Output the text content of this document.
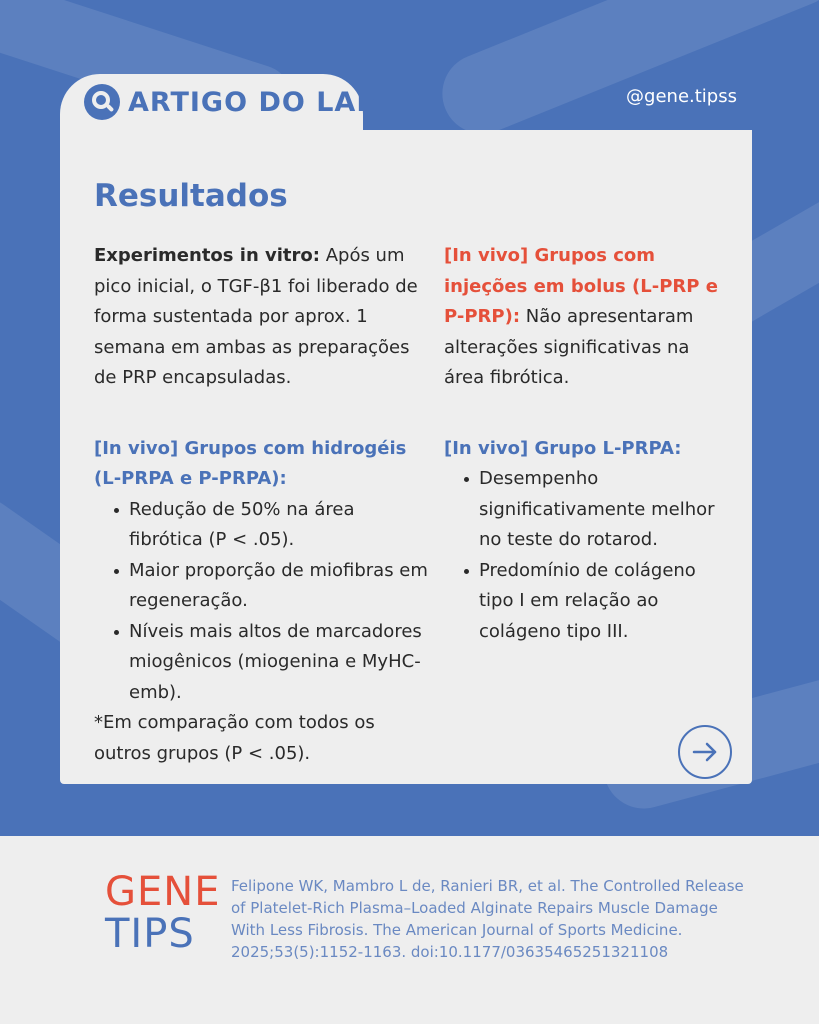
ARTIGO DO LAB	@gene.tipss
Resultados

Experimentos in vitro: Após um pico inicial, o TGF-β1 foi liberado de forma sustentada por aprox. 1 semana em ambas as preparações de PRP encapsuladas.

[In vivo] Grupos com hidrogéis (L-PRPA e P-PRPA):

Redução de 50% na área fibrótica (P < .05).
Maior proporção de miofibras em regeneração.
Níveis mais altos de marcadores miogênicos (miogenina e MyHC-emb).

*Em comparação com todos os outros grupos (P < .05).

[In vivo] Grupos com injeções em bolus (L-PRP e P-PRP): Não apresentaram alterações significativas na área fibrótica.

[In vivo] Grupo L-PRPA:

Desempenho significativamente melhor no teste do rotarod.
Predomínio de colágeno tipo I em relação ao colágeno tipo III.
GENE
TIPS

Felipone WK, Mambro L de, Ranieri BR, et al. The Controlled Release of Platelet-Rich Plasma–Loaded Alginate Repairs Muscle Damage With Less Fibrosis. The American Journal of Sports Medicine. 2025;53(5):1152-1163. doi:10.1177/03635465251321108
